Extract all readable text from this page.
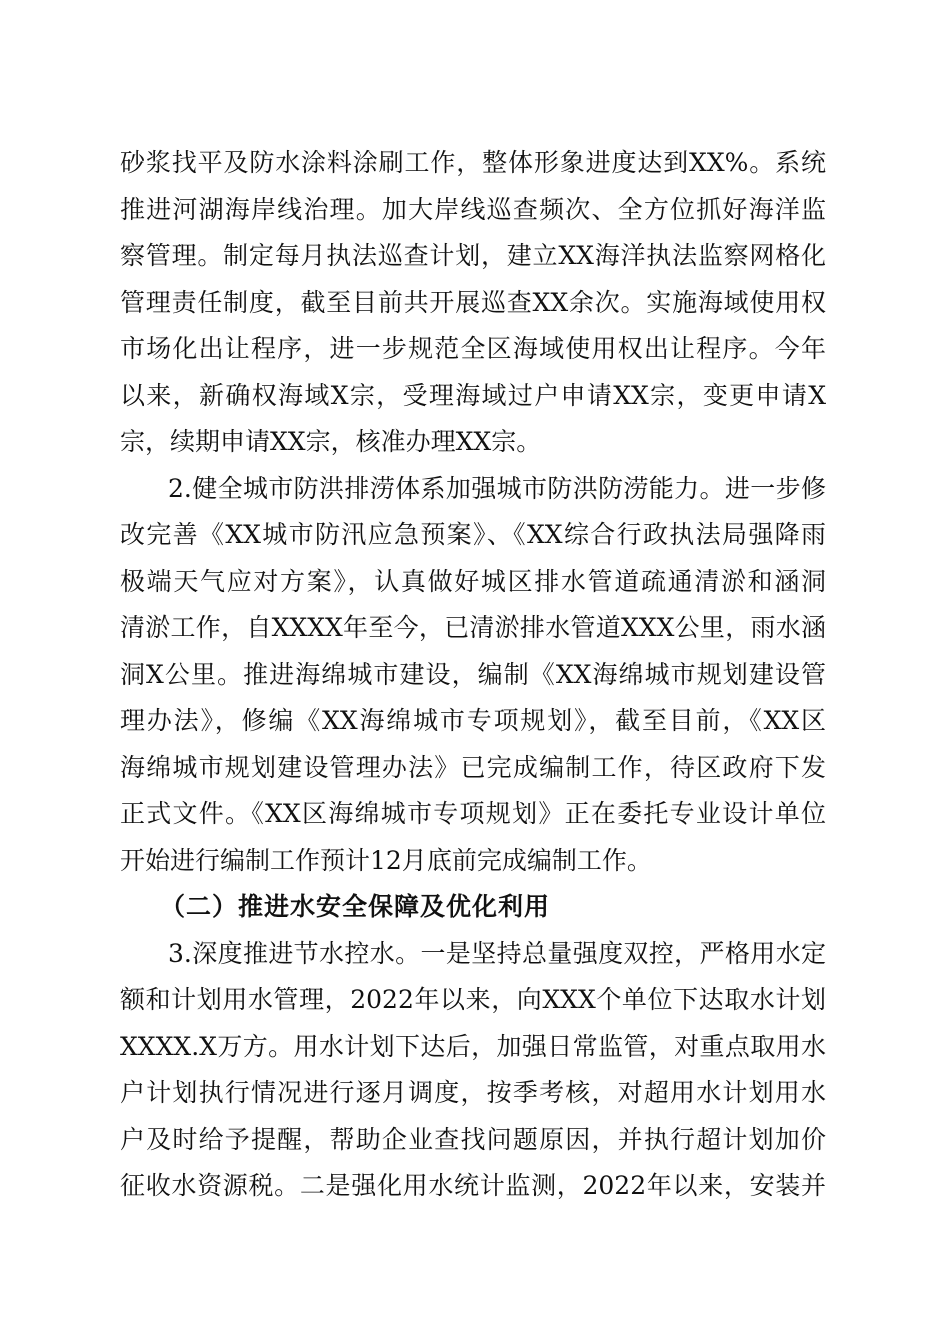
砂浆找平及防水涂料涂刷工作，整体形象进度达到XX%。系统
推进河湖海岸线治理。加大岸线巡查频次、全方位抓好海洋监
察管理。制定每月执法巡查计划，建立XX海洋执法监察网格化
管理责任制度，截至目前共开展巡查XX余次。实施海域使用权
市场化出让程序，进一步规范全区海域使用权出让程序。今年
以来，新确权海域X宗，受理海域过户申请XX宗，变更申请X
宗，续期申请XX宗，核准办理XX宗。
2.健全城市防洪排涝体系加强城市防洪防涝能力。进一步修
改完善《XX城市防汛应急预案》、《XX综合行政执法局强降雨
极端天气应对方案》，认真做好城区排水管道疏通清淤和涵洞
清淤工作，自XXXX年至今，已清淤排水管道XXX公里，雨水涵
洞X公里。推进海绵城市建设，编制《XX海绵城市规划建设管
理办法》，修编《XX海绵城市专项规划》，截至目前，《XX区
海绵城市规划建设管理办法》已完成编制工作，待区政府下发
正式文件。《XX区海绵城市专项规划》正在委托专业设计单位
开始进行编制工作预计12月底前完成编制工作。
（二）推进水安全保障及优化利用
3.深度推进节水控水。一是坚持总量强度双控，严格用水定
额和计划用水管理，2022年以来，向XXX个单位下达取水计划
XXXX.X万方。用水计划下达后，加强日常监管，对重点取用水
户计划执行情况进行逐月调度，按季考核，对超用水计划用水
户及时给予提醒，帮助企业查找问题原因，并执行超计划加价
征收水资源税。二是强化用水统计监测，2022年以来，安装并
